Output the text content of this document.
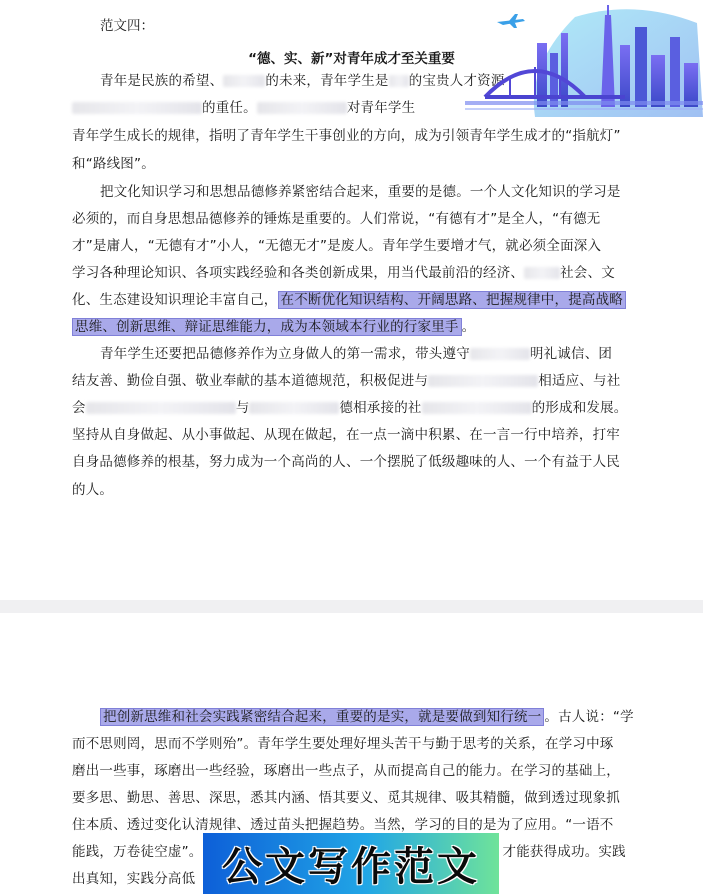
范文四：
“德、实、新”对青年成才至关重要
青年是民族的希望、	的未来，青年学生是 的宝贵人才资源
的重任。	对青年学生
青年学生成长的规律，指明了青年学生干事创业的方向，成为引领青年学生成才的“指航灯”
和“路线图”。
把文化知识学习和思想品德修养紧密结合起来，重要的是德。一个人文化知识的学习是
必须的，而自身思想品德修养的锤炼是重要的。人们常说，“有德有才”是全人，“有德无
才”是庸人，“无德有才”小人，“无德无才”是废人。青年学生要增才气，就必须全面深入
学习各种理论知识、各项实践经验和各类创新成果，用当代最前沿的经济、	社会、文
化、生态建设知识理论丰富自己， 在不断优化知识结构、开阔思路、把握规律中，提高战略
思维、创新思维、辩证思维能力，成为本领域本行业的行家里手 。
青年学生还要把品德修养作为立身做人的第一需求，带头遵守	明礼诚信、团
结友善、勤俭自强、敬业奉献的基本道德规范，积极促进与	相适应、与社
会	与	德相承接的社	的形成和发展。
坚持从自身做起、从小事做起、从现在做起，在一点一滴中积累、在一言一行中培养，打牢
自身品德修养的根基，努力成为一个高尚的人、一个摆脱了低级趣味的人、一个有益于人民
的人。
把创新思维和社会实践紧密结合起来，重要的是实，就是要做到知行统一 。古人说：“学
而不思则罔，思而不学则殆”。青年学生要处理好埋头苦干与勤于思考的关系，在学习中琢
磨出一些事，琢磨出一些经验，琢磨出一些点子，从而提高自己的能力。在学习的基础上，
要多思、勤思、善思、深思，悉其内涵、悟其要义、觅其规律、吸其精髓，做到透过现象抓
住本质、透过变化认清规律、透过苗头把握趋势。当然，学习的目的是为了应用。“一语不
能践，万卷徒空虚”。	才能获得成功。实践
出真知，实践分高低 公文写作范文
